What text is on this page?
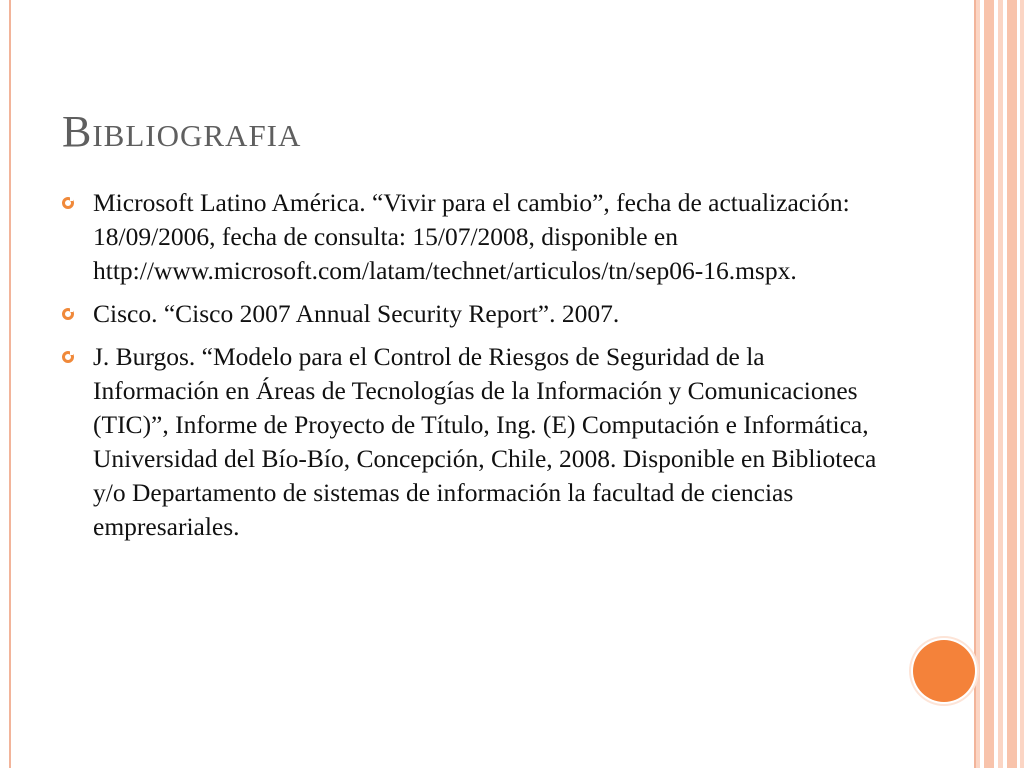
Bibliografia
Microsoft Latino América. “Vivir para el cambio”, fecha de actualización: 18/09/2006, fecha de consulta: 15/07/2008, disponible en http://www.microsoft.com/latam/technet/articulos/tn/sep06-16.mspx.
Cisco. “Cisco 2007 Annual Security Report”. 2007.
J. Burgos. “Modelo para el Control de Riesgos de Seguridad de la Información en Áreas de Tecnologías de la Información y Comunicaciones (TIC)”, Informe de Proyecto de Título, Ing. (E) Computación e Informática, Universidad del Bío-Bío, Concepción, Chile, 2008. Disponible en Biblioteca y/o Departamento de sistemas de información la facultad de ciencias empresariales.
